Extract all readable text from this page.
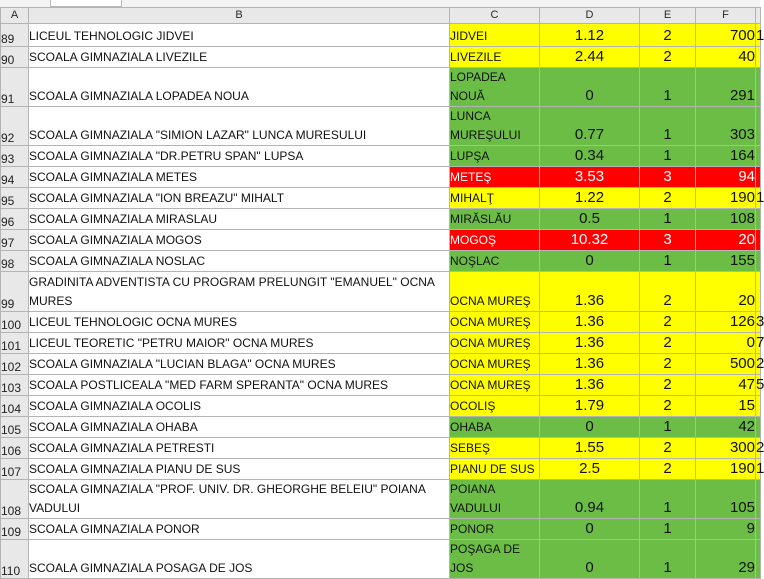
A	B	C	D	E	F	
89	LICEUL TEHNOLOGIC JIDVEI	JIDVEI	1.12	2	700	1
90	SCOALA GIMNAZIALA LIVEZILE	LIVEZILE	2.44	2	40	
91	SCOALA GIMNAZIALA LOPADEA NOUA	LOPADEA NOUĂ	0	1	291	
92	SCOALA GIMNAZIALA "SIMION LAZAR" LUNCA MURESULUI	LUNCA MUREŞULUI	0.77	1	303	
93	SCOALA GIMNAZIALA "DR.PETRU SPAN" LUPSA	LUPŞA	0.34	1	164	
94	SCOALA GIMNAZIALA METES	METEŞ	3.53	3	94	
95	SCOALA GIMNAZIALA "ION BREAZU" MIHALT	MIHALŢ	1.22	2	190	1
96	SCOALA GIMNAZIALA MIRASLAU	MIRĂSLĂU	0.5	1	108	
97	SCOALA GIMNAZIALA MOGOS	MOGOŞ	10.32	3	20	
98	SCOALA GIMNAZIALA NOSLAC	NOŞLAC	0	1	155	
99	GRADINITA ADVENTISTA CU PROGRAM PRELUNGIT "EMANUEL" OCNA MURES	OCNA MUREŞ	1.36	2	20	
100	LICEUL TEHNOLOGIC OCNA MURES	OCNA MUREŞ	1.36	2	126	3
101	LICEUL TEORETIC "PETRU MAIOR" OCNA MURES	OCNA MUREŞ	1.36	2	0	7
102	SCOALA GIMNAZIALA "LUCIAN BLAGA" OCNA MURES	OCNA MUREŞ	1.36	2	500	2
103	SCOALA POSTLICEALA "MED FARM SPERANTA" OCNA MURES	OCNA MUREŞ	1.36	2	47	5
104	SCOALA GIMNAZIALA OCOLIS	OCOLIŞ	1.79	2	15	
105	SCOALA GIMNAZIALA OHABA	OHABA	0	1	42	
106	SCOALA GIMNAZIALA PETRESTI	SEBEŞ	1.55	2	300	2
107	SCOALA GIMNAZIALA PIANU DE SUS	PIANU DE SUS	2.5	2	190	1
108	SCOALA GIMNAZIALA "PROF. UNIV. DR. GHEORGHE BELEIU" POIANA VADULUI	POIANA VADULUI	0.94	1	105	
109	SCOALA GIMNAZIALA PONOR	PONOR	0	1	9	
110	SCOALA GIMNAZIALA POSAGA DE JOS	POŞAGA DE JOS	0	1	29	
